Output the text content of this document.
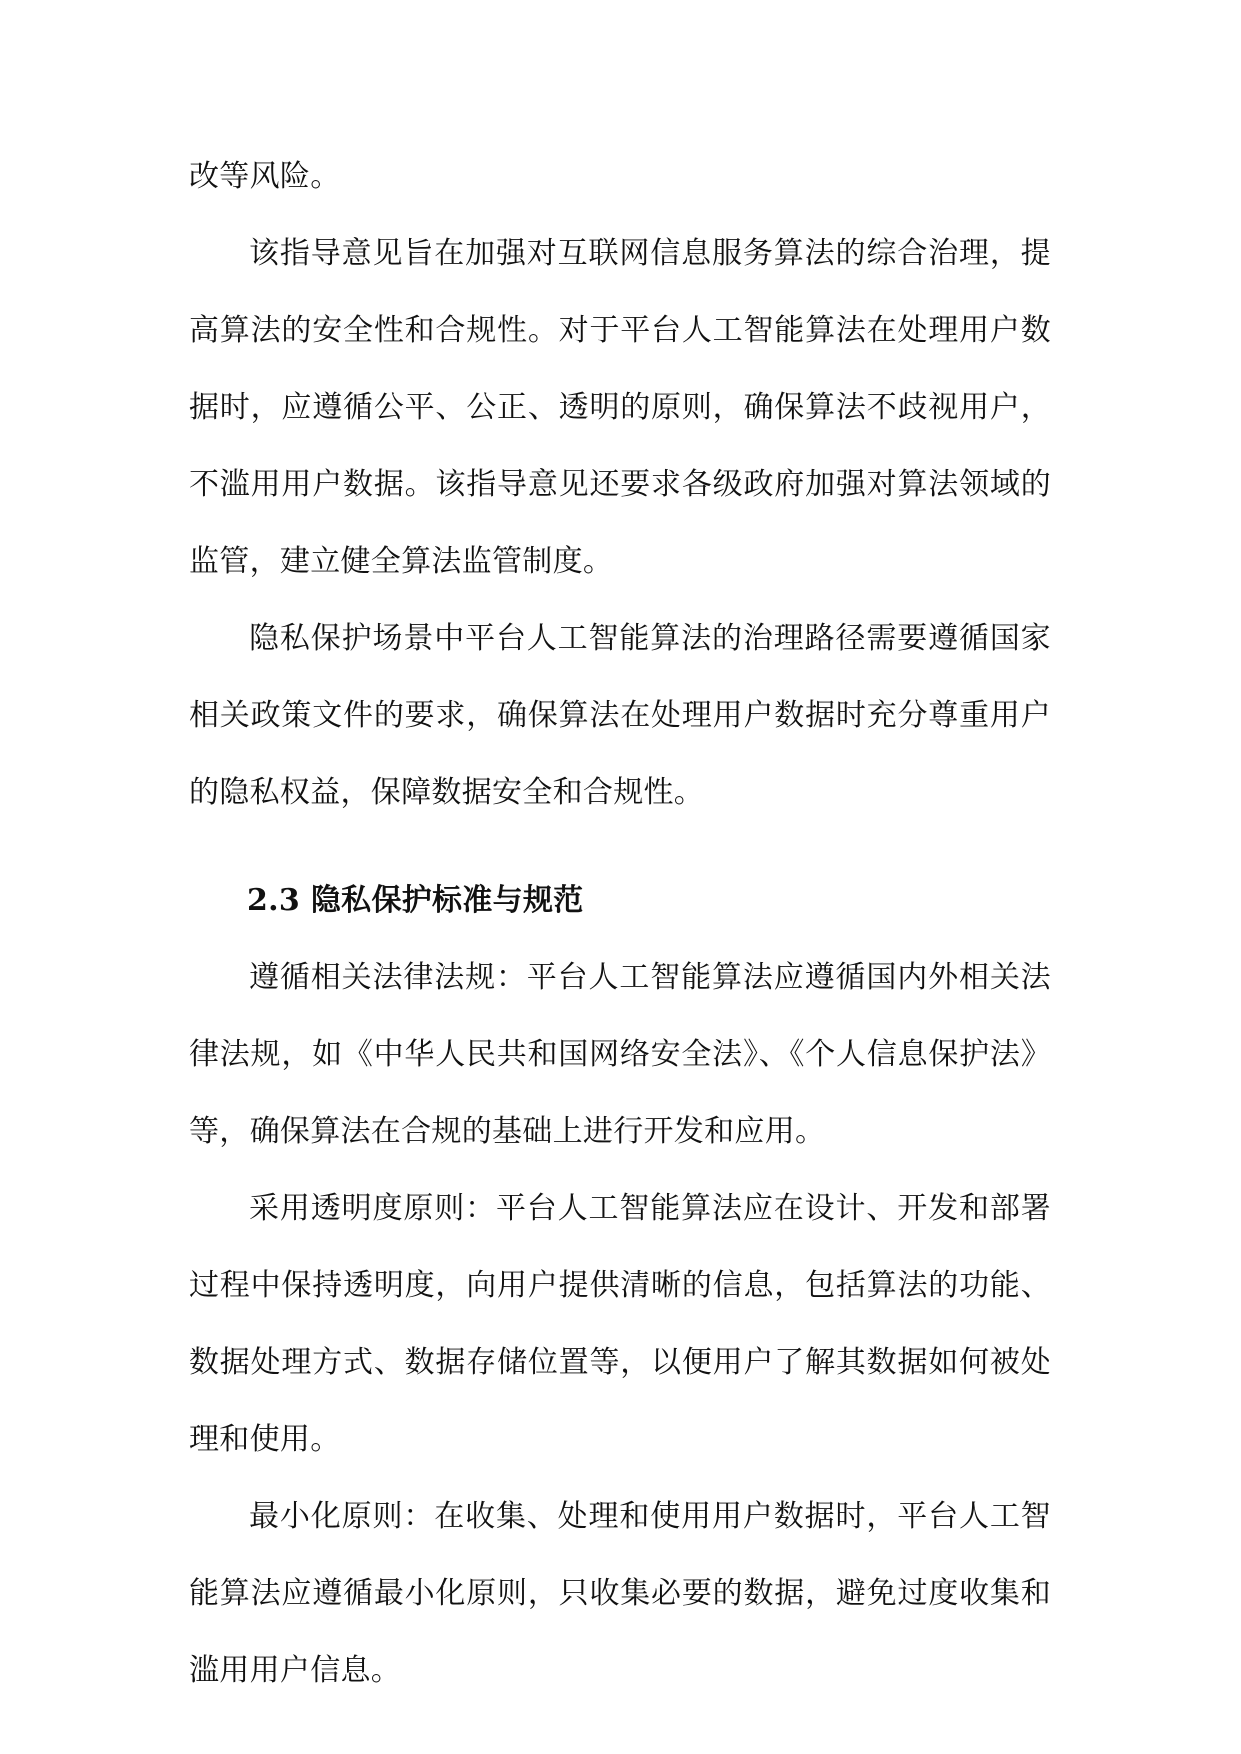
改等风险。

该指导意见旨在加强对互联网信息服务算法的综合治理，提高算法的安全性和合规性。对于平台人工智能算法在处理用户数据时，应遵循公平、公正、透明的原则，确保算法不歧视用户，不滥用用户数据。该指导意见还要求各级政府加强对算法领域的监管，建立健全算法监管制度。

隐私保护场景中平台人工智能算法的治理路径需要遵循国家相关政策文件的要求，确保算法在处理用户数据时充分尊重用户的隐私权益，保障数据安全和合规性。

2.3 隐私保护标准与规范

遵循相关法律法规：平台人工智能算法应遵循国内外相关法律法规，如《中华人民共和国网络安全法》、《个人信息保护法》等，确保算法在合规的基础上进行开发和应用。

采用透明度原则：平台人工智能算法应在设计、开发和部署过程中保持透明度，向用户提供清晰的信息，包括算法的功能、数据处理方式、数据存储位置等，以便用户了解其数据如何被处理和使用。

最小化原则：在收集、处理和使用用户数据时，平台人工智能算法应遵循最小化原则，只收集必要的数据，避免过度收集和滥用用户信息。
